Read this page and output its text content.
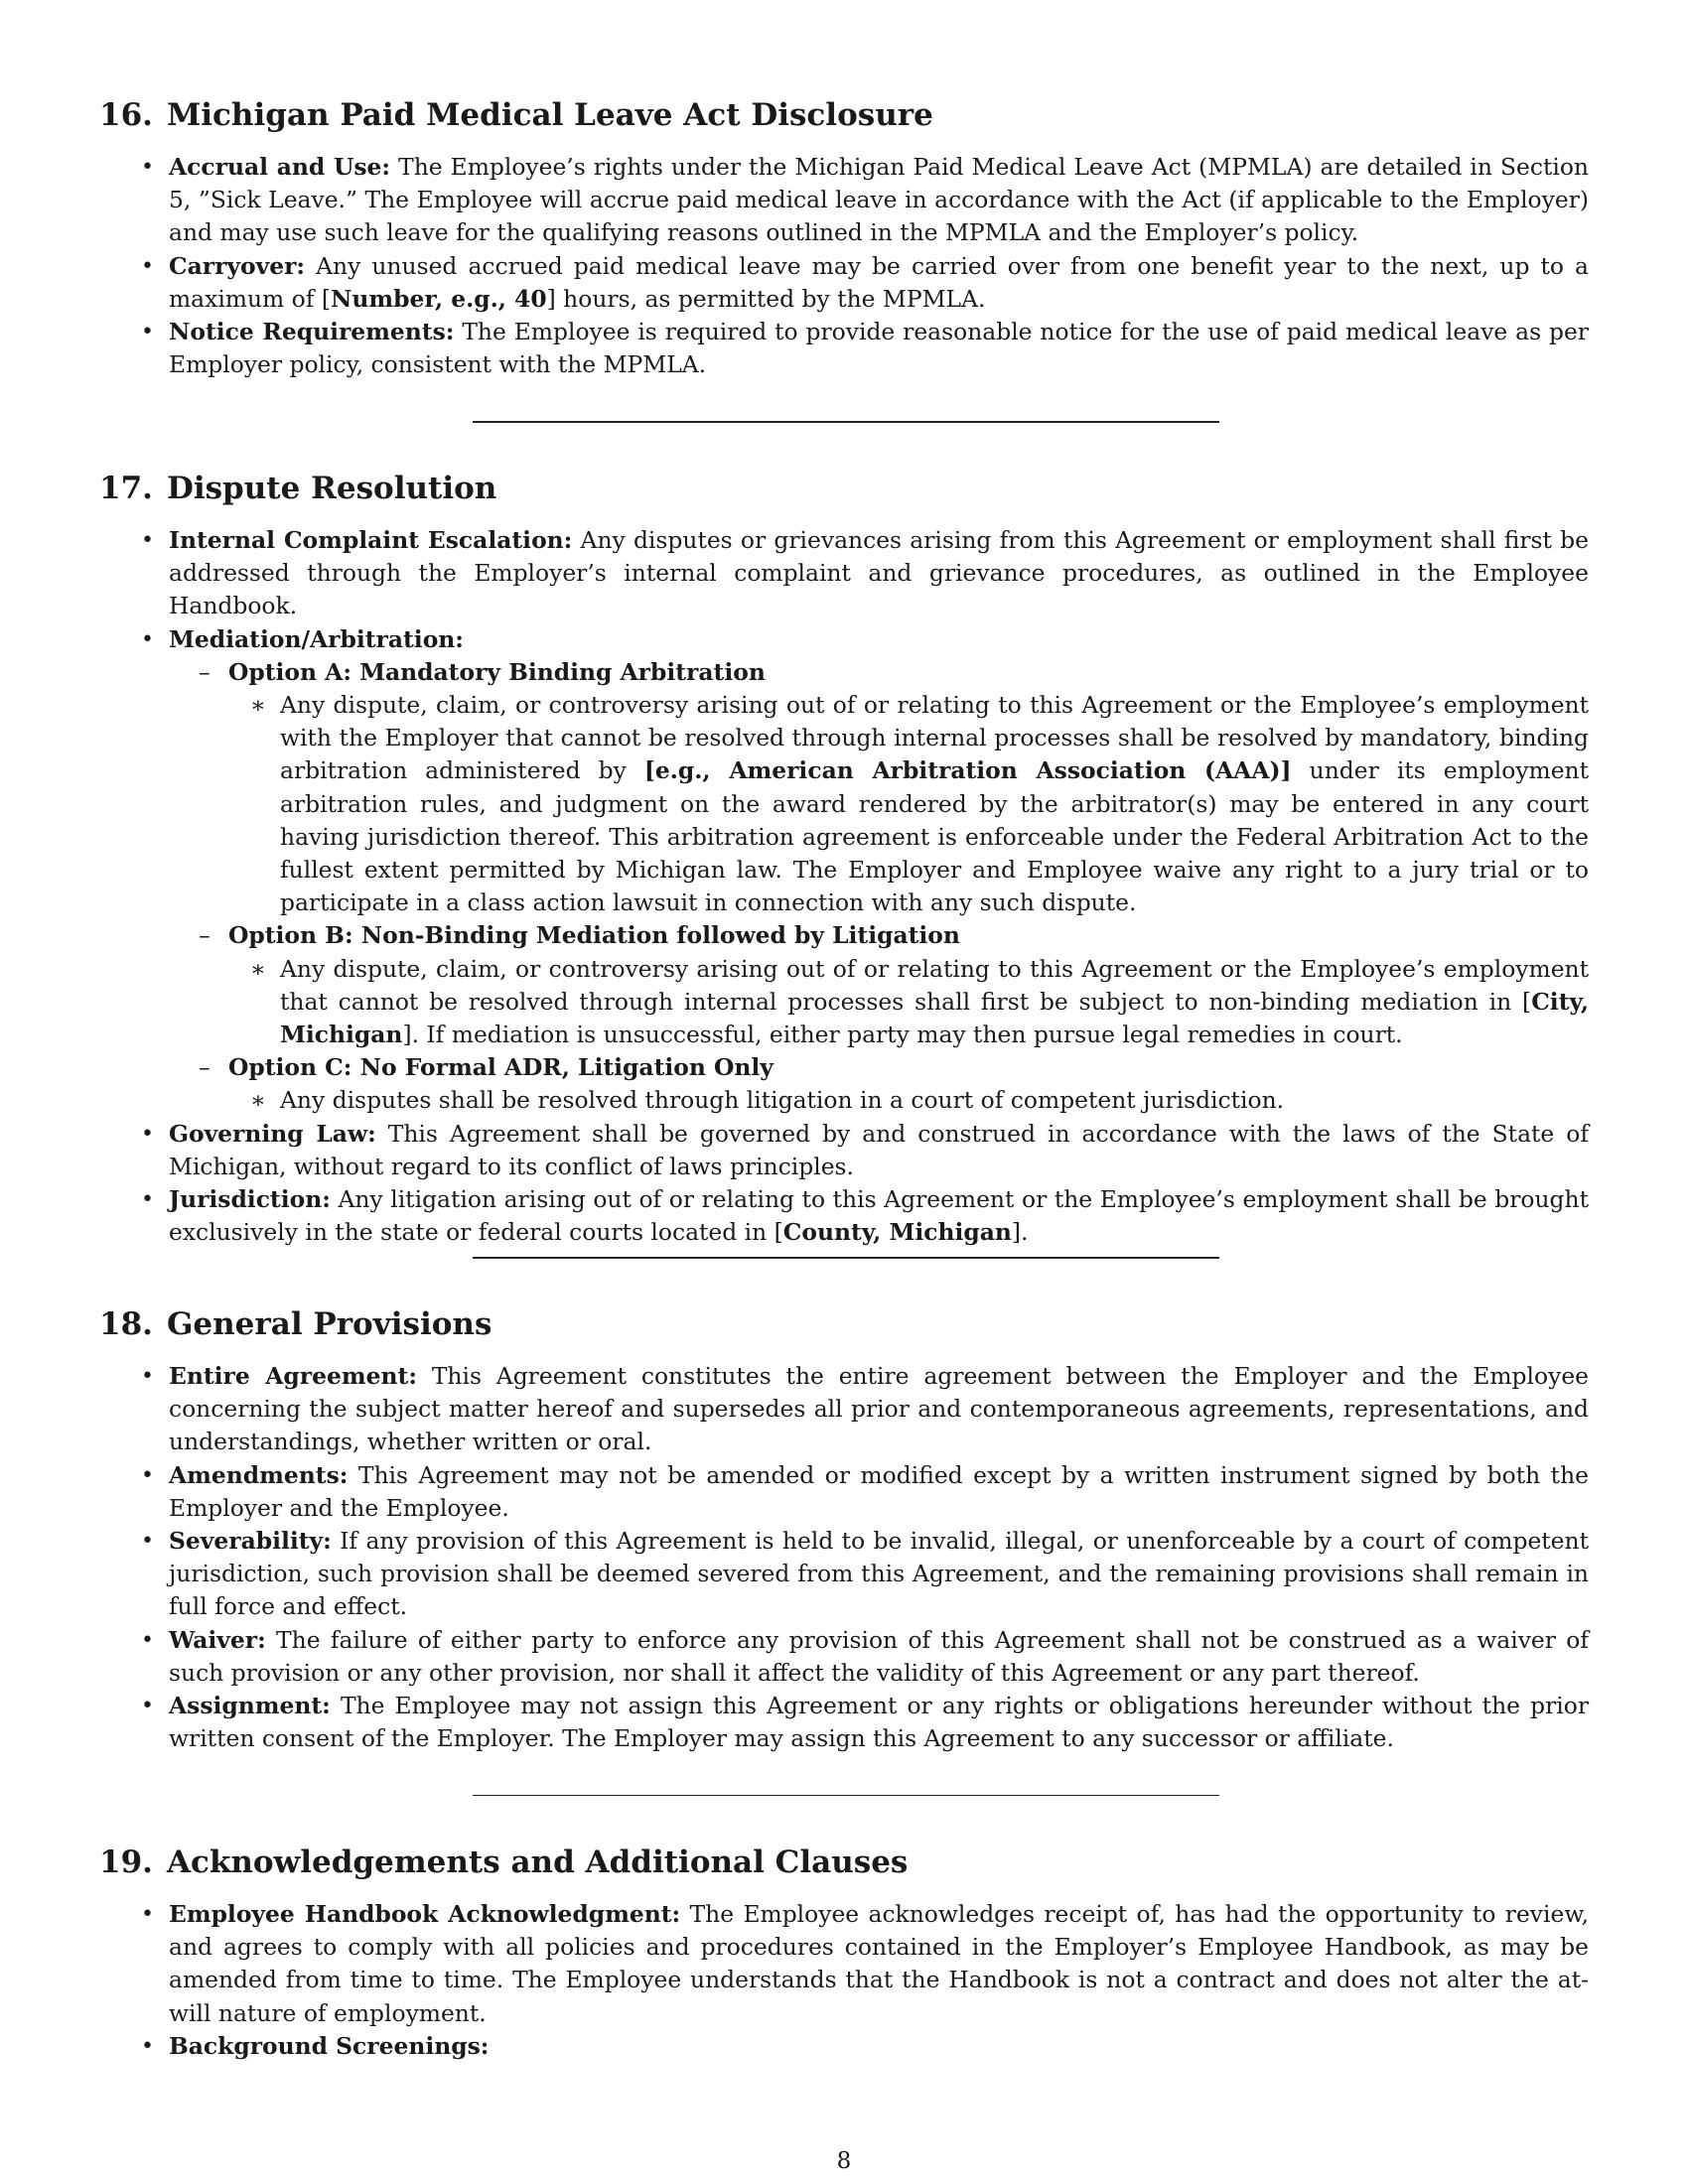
16. Michigan Paid Medical Leave Act Disclosure
• Accrual and Use: The Employee’s rights under the Michigan Paid Medical Leave Act (MPMLA) are detailed in Section 5, ”Sick Leave.” The Employee will accrue paid medical leave in accordance with the Act (if applicable to the Employer) and may use such leave for the qualifying reasons outlined in the MPMLA and the Employer’s policy.
• Carryover: Any unused accrued paid medical leave may be carried over from one benefit year to the next, up to a maximum of [Number, e.g., 40] hours, as permitted by the MPMLA.
• Notice Requirements: The Employee is required to provide reasonable notice for the use of paid medical leave as per Employer policy, consistent with the MPMLA.
17. Dispute Resolution
• Internal Complaint Escalation: Any disputes or grievances arising from this Agreement or employment shall first be addressed through the Employer’s internal complaint and grievance procedures, as outlined in the Employee Handbook.
• Mediation/Arbitration:
– Option A: Mandatory Binding Arbitration
∗ Any dispute, claim, or controversy arising out of or relating to this Agreement or the Employee’s employment with the Employer that cannot be resolved through internal processes shall be resolved by mandatory, binding arbitration administered by [e.g., American Arbitration Association (AAA)] under its employment arbitration rules, and judgment on the award rendered by the arbitrator(s) may be entered in any court having jurisdiction thereof. This arbitration agreement is enforceable under the Federal Arbitration Act to the fullest extent permitted by Michigan law. The Employer and Employee waive any right to a jury trial or to participate in a class action lawsuit in connection with any such dispute.
– Option B: Non-Binding Mediation followed by Litigation
∗ Any dispute, claim, or controversy arising out of or relating to this Agreement or the Employee’s employment that cannot be resolved through internal processes shall first be subject to non-binding mediation in [City, Michigan]. If mediation is unsuccessful, either party may then pursue legal remedies in court.
– Option C: No Formal ADR, Litigation Only
∗ Any disputes shall be resolved through litigation in a court of competent jurisdiction.
• Governing Law: This Agreement shall be governed by and construed in accordance with the laws of the State of Michigan, without regard to its conflict of laws principles.
• Jurisdiction: Any litigation arising out of or relating to this Agreement or the Employee’s employment shall be brought exclusively in the state or federal courts located in [County, Michigan].
18. General Provisions
• Entire Agreement: This Agreement constitutes the entire agreement between the Employer and the Employee concerning the subject matter hereof and supersedes all prior and contemporaneous agreements, representations, and understandings, whether written or oral.
• Amendments: This Agreement may not be amended or modified except by a written instrument signed by both the Employer and the Employee.
• Severability: If any provision of this Agreement is held to be invalid, illegal, or unenforceable by a court of competent jurisdiction, such provision shall be deemed severed from this Agreement, and the remaining provisions shall remain in full force and effect.
• Waiver: The failure of either party to enforce any provision of this Agreement shall not be construed as a waiver of such provision or any other provision, nor shall it affect the validity of this Agreement or any part thereof.
• Assignment: The Employee may not assign this Agreement or any rights or obligations hereunder without the prior written consent of the Employer. The Employer may assign this Agreement to any successor or affiliate.
19. Acknowledgements and Additional Clauses
• Employee Handbook Acknowledgment: The Employee acknowledges receipt of, has had the opportunity to review, and agrees to comply with all policies and procedures contained in the Employer’s Employee Handbook, as may be amended from time to time. The Employee understands that the Handbook is not a contract and does not alter the at-will nature of employment.
• Background Screenings:
8
